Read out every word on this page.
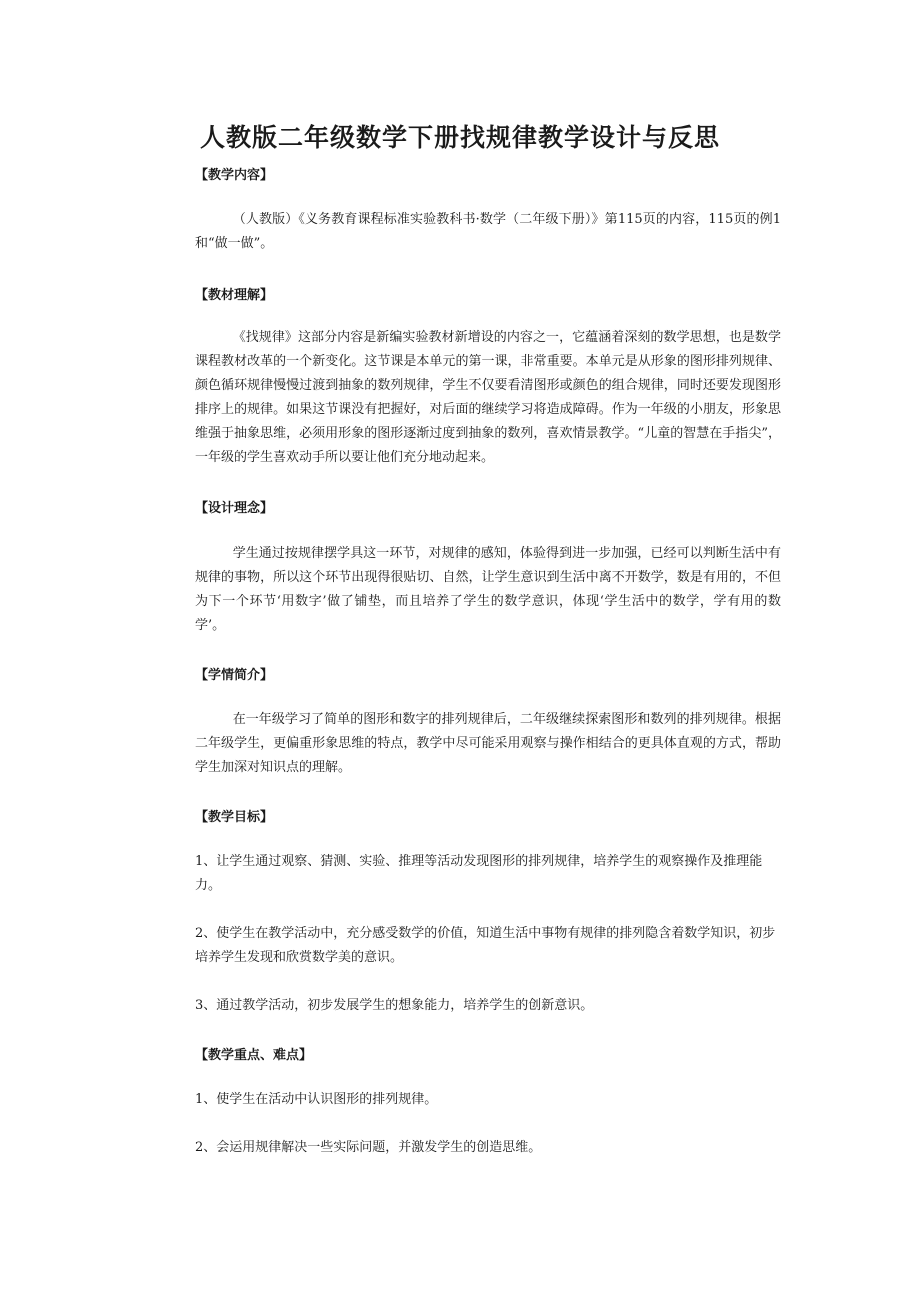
人教版二年级数学下册找规律教学设计与反思

【教学内容】

（人教版）《义务教育课程标准实验教科书·数学（二年级下册）》第115页的内容，115页的例1和“做一做”。

【教材理解】

《找规律》这部分内容是新编实验教材新增设的内容之一，它蕴涵着深刻的数学思想，也是数学课程教材改革的一个新变化。这节课是本单元的第一课，非常重要。本单元是从形象的图形排列规律、颜色循环规律慢慢过渡到抽象的数列规律，学生不仅要看清图形或颜色的组合规律，同时还要发现图形排序上的规律。如果这节课没有把握好，对后面的继续学习将造成障碍。作为一年级的小朋友，形象思维强于抽象思维，必须用形象的图形逐渐过度到抽象的数列，喜欢情景教学。“儿童的智慧在手指尖”，一年级的学生喜欢动手所以要让他们充分地动起来。

【设计理念】

学生通过按规律摆学具这一环节，对规律的感知，体验得到进一步加强，已经可以判断生活中有规律的事物，所以这个环节出现得很贴切、自然，让学生意识到生活中离不开数学，数是有用的，不但为下一个环节‘用数字’做了铺垫，而且培养了学生的数学意识，体现‘学生活中的数学，学有用的数学’。

【学情简介】

在一年级学习了简单的图形和数字的排列规律后，二年级继续探索图形和数列的排列规律。根据二年级学生，更偏重形象思维的特点，教学中尽可能采用观察与操作相结合的更具体直观的方式，帮助学生加深对知识点的理解。

【教学目标】

1、让学生通过观察、猜测、实验、推理等活动发现图形的排列规律，培养学生的观察操作及推理能力。

2、使学生在教学活动中，充分感受数学的价值，知道生活中事物有规律的排列隐含着数学知识，初步培养学生发现和欣赏数学美的意识。

3、通过教学活动，初步发展学生的想象能力，培养学生的创新意识。

【教学重点、难点】

1、使学生在活动中认识图形的排列规律。

2、会运用规律解决一些实际问题，并激发学生的创造思维。
